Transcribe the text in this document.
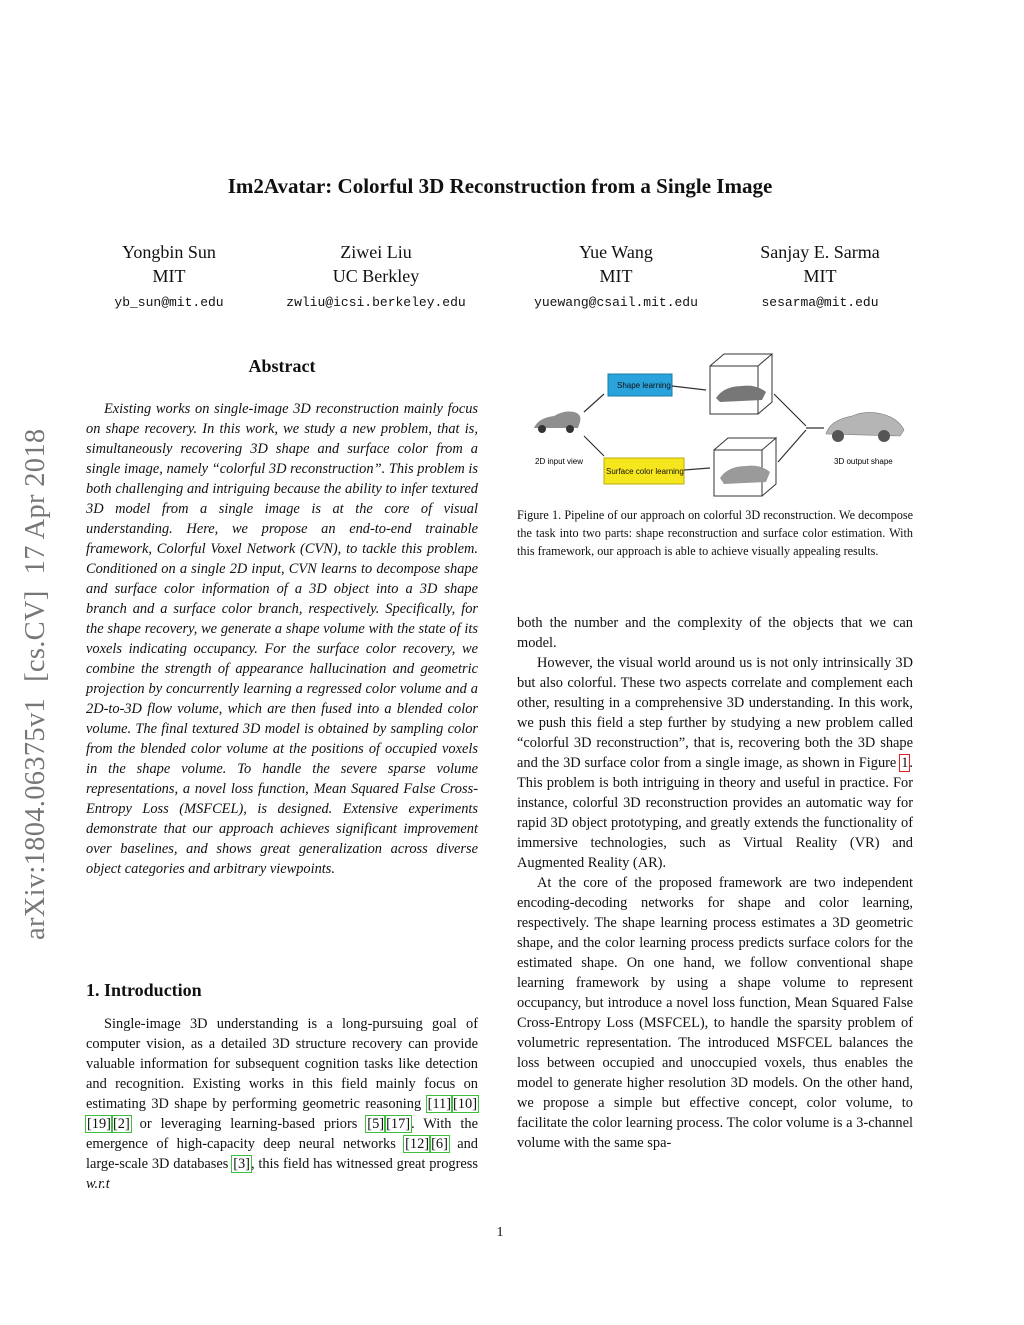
arXiv:1804.06375v1[cs.CV]17 Apr 2018
Im2Avatar: Colorful 3D Reconstruction from a Single Image
Yongbin Sun
MIT
yb_sun@mit.edu
Ziwei Liu
UC Berkley
zwliu@icsi.berkeley.edu
Yue Wang
MIT
yuewang@csail.mit.edu
Sanjay E. Sarma
MIT
sesarma@mit.edu
Abstract

Existing works on single-image 3D reconstruction mainly focus on shape recovery. In this work, we study a new problem, that is, simultaneously recovering 3D shape and surface color from a single image, namely “colorful 3D reconstruction”. This problem is both challenging and intriguing because the ability to infer textured 3D model from a single image is at the core of visual understanding. Here, we propose an end-to-end trainable framework, Colorful Voxel Network (CVN), to tackle this problem. Conditioned on a single 2D input, CVN learns to decompose shape and surface color information of a 3D object into a 3D shape branch and a surface color branch, respectively. Specifically, for the shape recovery, we generate a shape volume with the state of its voxels indicating occupancy. For the surface color recovery, we combine the strength of appearance hallucination and geometric projection by concurrently learning a regressed color volume and a 2D-to-3D flow volume, which are then fused into a blended color volume. The final textured 3D model is obtained by sampling color from the blended color volume at the positions of occupied voxels in the shape volume. To handle the severe sparse volume representations, a novel loss function, Mean Squared False Cross-Entropy Loss (MSFCEL), is designed. Extensive experiments demonstrate that our approach achieves significant improvement over baselines, and shows great generalization across diverse object categories and arbitrary viewpoints.

1. Introduction

Single-image 3D understanding is a long-pursuing goal of computer vision, as a detailed 3D structure recovery can provide valuable information for subsequent cognition tasks like detection and recognition. Existing works in this field mainly focus on estimating 3D shape by performing geometric reasoning [11] [10][19] [2] or leveraging learning-based priors [5] [17]. With the emergence of high-capacity deep neural networks [12] [6] and large-scale 3D databases [3], this field has witnessed great progress w.r.t

2D input view
Shape learning
Surface color learning
3D output shape

Figure 1. Pipeline of our approach on colorful 3D reconstruction. We decompose the task into two parts: shape reconstruction and surface color estimation. With this framework, our approach is able to achieve visually appealing results.

both the number and the complexity of the objects that we can model.

However, the visual world around us is not only intrinsically 3D but also colorful. These two aspects correlate and complement each other, resulting in a comprehensive 3D understanding. In this work, we push this field a step further by studying a new problem called “colorful 3D reconstruction”, that is, recovering both the 3D shape and the 3D surface color from a single image, as shown in Figure 1. This problem is both intriguing in theory and useful in practice. For instance, colorful 3D reconstruction provides an automatic way for rapid 3D object prototyping, and greatly extends the functionality of immersive technologies, such as Virtual Reality (VR) and Augmented Reality (AR).

At the core of the proposed framework are two independent encoding-decoding networks for shape and color learning, respectively. The shape learning process estimates a 3D geometric shape, and the color learning process predicts surface colors for the estimated shape. On one hand, we follow conventional shape learning framework by using a shape volume to represent occupancy, but introduce a novel loss function, Mean Squared False Cross-Entropy Loss (MSFCEL), to handle the sparsity problem of volumetric representation. The introduced MSFCEL balances the loss between occupied and unoccupied voxels, thus enables the model to generate higher resolution 3D models. On the other hand, we propose a simple but effective concept, color volume, to facilitate the color learning process. The color volume is a 3-channel volume with the same spa-

1
